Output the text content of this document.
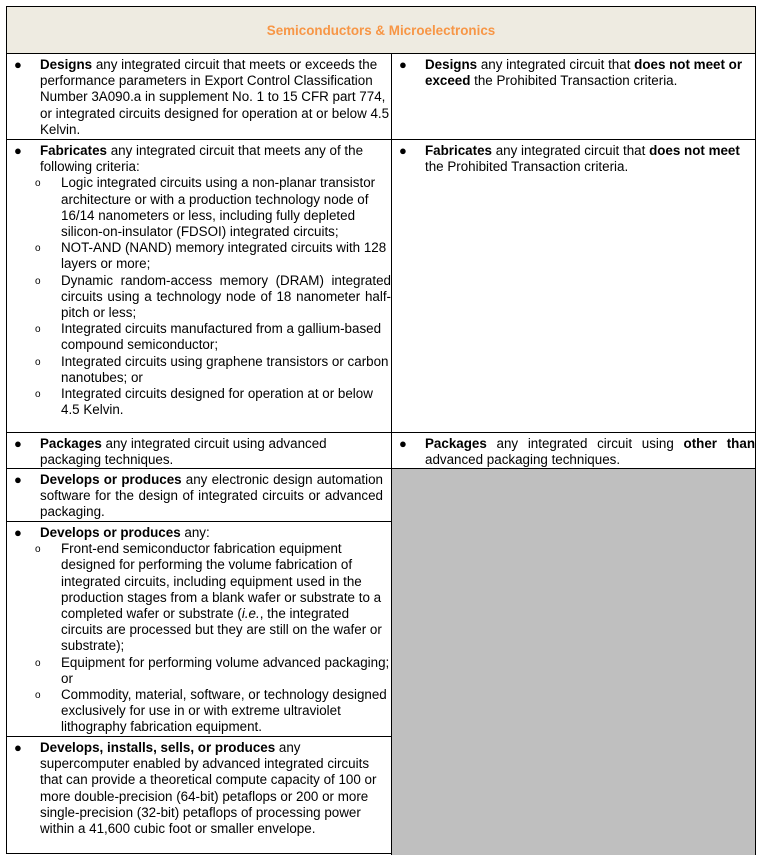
Semiconductors & Microelectronics
● Designs any integrated circuit that meets or exceeds the performance parameters in Export Control Classification Number 3A090.a in supplement No. 1 to 15 CFR part 774, or integrated circuits designed for operation at or below 4.5 Kelvin.
● Designs any integrated circuit that does not meet or exceed the Prohibited Transaction criteria.
● Fabricates any integrated circuit that meets any of the following criteria:
o Logic integrated circuits using a non-planar transistor architecture or with a production technology node of 16/14 nanometers or less, including fully depleted silicon-on-insulator (FDSOI) integrated circuits;
o NOT-AND (NAND) memory integrated circuits with 128 layers or more;
o Dynamic random-access memory (DRAM) integrated circuits using a technology node of 18 nanometer half-pitch or less;
o Integrated circuits manufactured from a gallium-based compound semiconductor;
o Integrated circuits using graphene transistors or carbon nanotubes; or
o Integrated circuits designed for operation at or below 4.5 Kelvin.
● Fabricates any integrated circuit that does not meet the Prohibited Transaction criteria.
● Packages any integrated circuit using advanced packaging techniques.
● Packages any integrated circuit using other than advanced packaging techniques.
● Develops or produces any electronic design automation software for the design of integrated circuits or advanced packaging.
● Develops or produces any:
o Front-end semiconductor fabrication equipment designed for performing the volume fabrication of integrated circuits, including equipment used in the production stages from a blank wafer or substrate to a completed wafer or substrate (i.e., the integrated circuits are processed but they are still on the wafer or substrate);
o Equipment for performing volume advanced packaging; or
o Commodity, material, software, or technology designed exclusively for use in or with extreme ultraviolet lithography fabrication equipment.
● Develops, installs, sells, or produces any supercomputer enabled by advanced integrated circuits that can provide a theoretical compute capacity of 100 or more double-precision (64-bit) petaflops or 200 or more single-precision (32-bit) petaflops of processing power within a 41,600 cubic foot or smaller envelope.
